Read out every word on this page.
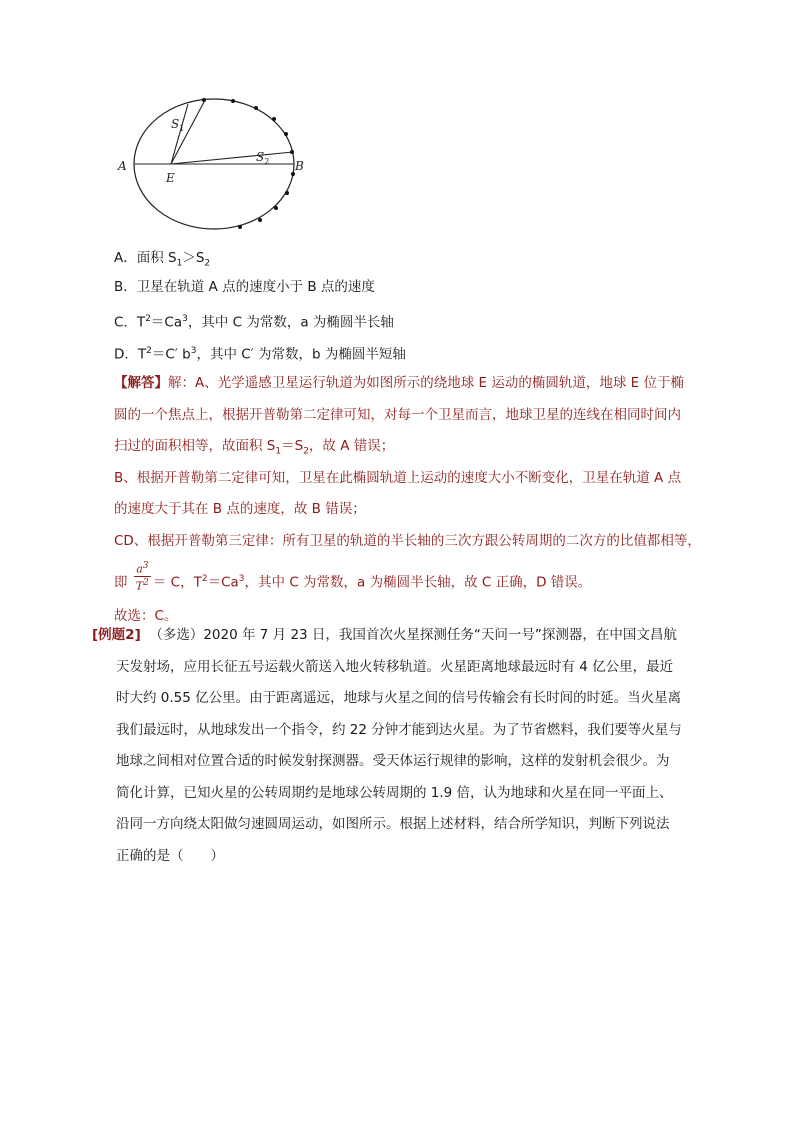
A	B
E
$S_1$
$S_2$
A．面积 $S_1>S_2$
B．卫星在轨道 A 点的速度小于 B 点的速度
C．$T^2=Ca^3$，其中 C 为常数，a 为椭圆半长轴
D．$T^2=C'$ $b^3$，其中 C′ 为常数，b 为椭圆半短轴
【解答】解：A、光学遥感卫星运行轨道为如图所示的绕地球 E 运动的椭圆轨道，地球 E 位于椭
圆的一个焦点上，根据开普勒第二定律可知，对每一个卫星而言，地球卫星的连线在相同时间内
扫过的面积相等，故面积 $S_1=S_2$，故 A 错误；
B、根据开普勒第二定律可知，卫星在此椭圆轨道上运动的速度大小不断变化，卫星在轨道 A 点
的速度大于其在 B 点的速度，故 B 错误；
CD、根据开普勒第三定律：所有卫星的轨道的半长轴的三次方跟公转周期的二次方的比值都相等，
即 $\frac{a^3}{T^2} = C$，$T^2=Ca^3$，其中 C 为常数，a 为椭圆半长轴，故 C 正确，D 错误。
故选：C。
[例题2] （多选）2020 年 7 月 23 日，我国首次火星探测任务“天问一号”探测器，在中国文昌航
天发射场，应用长征五号运载火箭送入地火转移轨道。火星距离地球最远时有 4 亿公里，最近
时大约 0.55 亿公里。由于距离遥远，地球与火星之间的信号传输会有长时间的时延。当火星离
我们最远时，从地球发出一个指令，约 22 分钟才能到达火星。为了节省燃料，我们要等火星与
地球之间相对位置合适的时候发射探测器。受天体运行规律的影响，这样的发射机会很少。为
简化计算，已知火星的公转周期约是地球公转周期的 1.9 倍，认为地球和火星在同一平面上、
沿同一方向绕太阳做匀速圆周运动，如图所示。根据上述材料，结合所学知识，判断下列说法
正确的是（　　）
